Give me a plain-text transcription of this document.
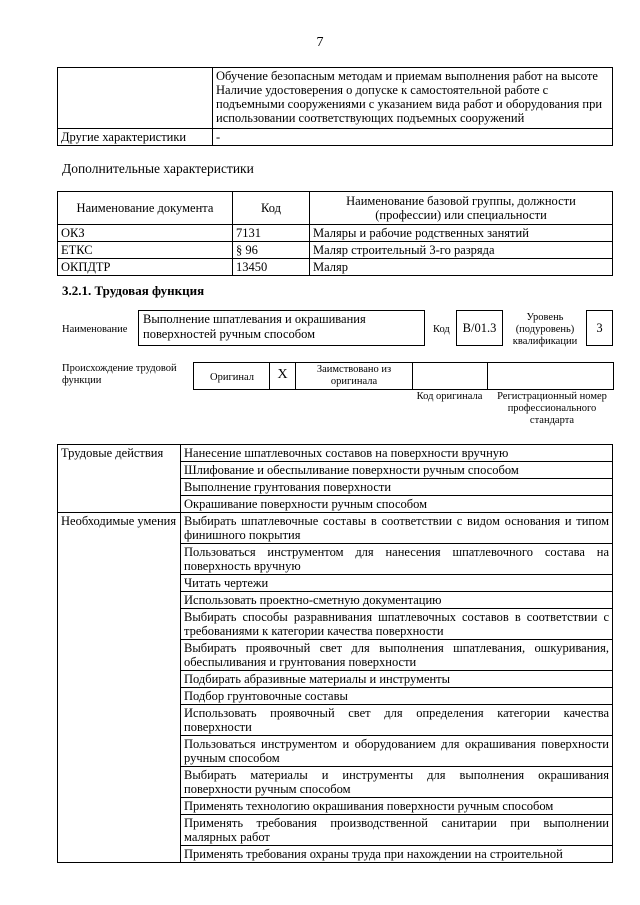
7

	Обучение безопасным методам и приемам выполнения работ на высоте
Наличие удостоверения о допуске к самостоятельной работе с подъемными сооружениями с указанием вида работ и оборудования при использовании соответствующих подъемных сооружений

Другие характеристики	-
Дополнительные характеристики
Наименование документа	Код	Наименование базовой группы, должности (профессии) или специальности
ОКЗ	7131	Маляры и рабочие родственных занятий
ЕТКС	§ 96	Маляр строительный 3-го разряда
ОКПДТР	13450	Маляр
3.2.1. Трудовая функция
Наименование
Выполнение шпатлевания и окрашивания поверхностей ручным способом	Код	В/01.3
Уровень (подуровень) квалификации
3
Происхождение трудовой функции	Оригинал	X	Заимствовано из оригинала
Код оригинала	Регистрационный номер профессионального стандарта
Трудовые действия	Нанесение шпатлевочных составов на поверхности вручную
	Шлифование и обеспыливание поверхности ручным способом
	Выполнение грунтования поверхности
	Окрашивание поверхности ручным способом
Необходимые умения	Выбирать шпатлевочные составы в соответствии с видом основания и типом финишного покрытия
	Пользоваться инструментом для нанесения шпатлевочного состава на поверхность вручную
	Читать чертежи
	Использовать проектно-сметную документацию
	Выбирать способы разравнивания шпатлевочных составов в соответствии с требованиями к категории качества поверхности
	Выбирать проявочный свет для выполнения шпатлевания, ошкуривания, обеспыливания и грунтования поверхности
	Подбирать абразивные материалы и инструменты
	Подбор грунтовочные составы
	Использовать проявочный свет для определения категории качества поверхности
	Пользоваться инструментом и оборудованием для окрашивания поверхности ручным способом
	Выбирать материалы и инструменты для выполнения окрашивания поверхности ручным способом
	Применять технологию окрашивания поверхности ручным способом
	Применять требования производственной санитарии при выполнении малярных работ
	Применять требования охраны труда при нахождении на строительной
